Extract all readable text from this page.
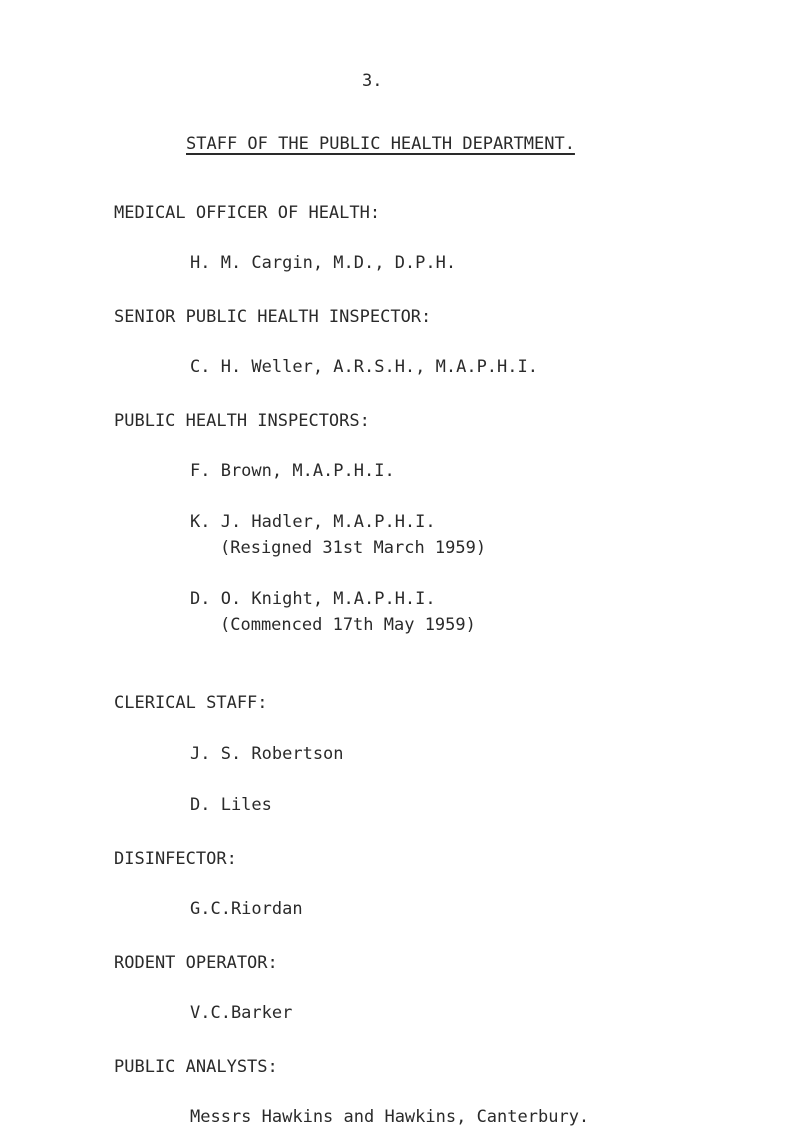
3.
STAFF OF THE PUBLIC HEALTH DEPARTMENT.
MEDICAL OFFICER OF HEALTH:
H. M. Cargin, M.D., D.P.H.
SENIOR PUBLIC HEALTH INSPECTOR:
C. H. Weller, A.R.S.H., M.A.P.H.I.
PUBLIC HEALTH INSPECTORS:
F. Brown, M.A.P.H.I.
K. J. Hadler, M.A.P.H.I.
(Resigned 31st March 1959)
D. O. Knight, M.A.P.H.I.
(Commenced 17th May 1959)
CLERICAL STAFF:
J. S. Robertson
D. Liles
DISINFECTOR:
G.C.Riordan
RODENT OPERATOR:
V.C.Barker
PUBLIC ANALYSTS:
Messrs Hawkins and Hawkins, Canterbury.
